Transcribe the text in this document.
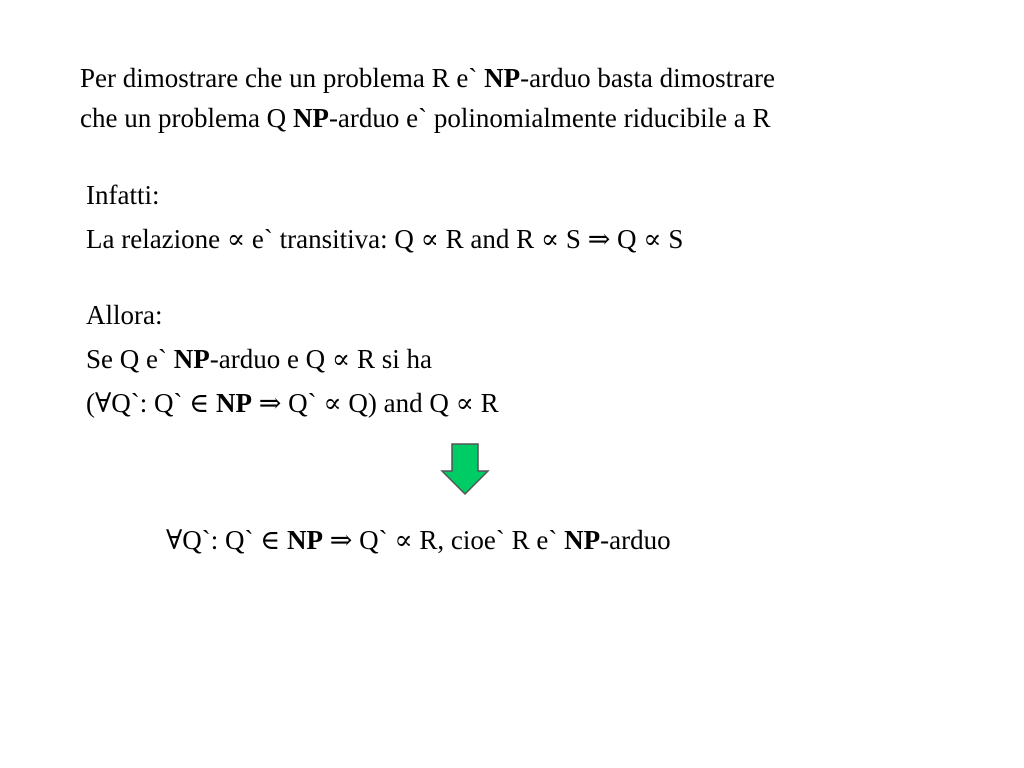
Per dimostrare che un problema R e` NP-arduo basta dimostrare
che un problema Q NP-arduo e` polinomialmente riducibile a R
Infatti:
La relazione ∝ e` transitiva: Q ∝ R and R ∝ S ⇒ Q ∝ S
Allora:
Se Q e` NP-arduo e Q ∝ R si ha
(∀Q`: Q` ∈ NP ⇒ Q` ∝ Q) and Q ∝ R
∀Q`: Q` ∈ NP ⇒ Q` ∝ R, cioe` R e` NP-arduo
